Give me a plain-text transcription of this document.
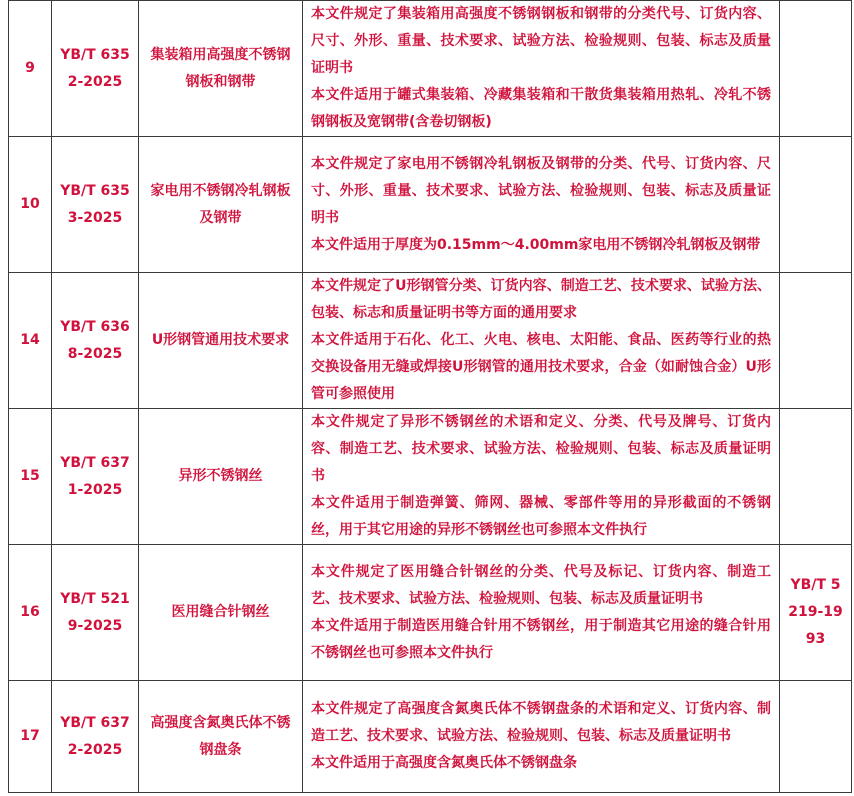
9	YB/T 6352-2025	集装箱用高强度不锈钢钢板和钢带	本文件规定了集装箱用高强度不锈钢钢板和钢带的分类代号、订货内容、尺寸、外形、重量、技术要求、试验方法、检验规则、包装、标志及质量证明书
本文件适用于罐式集装箱、冷藏集装箱和干散货集装箱用热轧、冷轧不锈钢钢板及宽钢带(含卷切钢板)	

10	YB/T 6353-2025	家电用不锈钢冷轧钢板及钢带	本文件规定了家电用不锈钢冷轧钢板及钢带的分类、代号、订货内容、尺寸、外形、重量、技术要求、试验方法、检验规则、包装、标志及质量证明书
本文件适用于厚度为0.15mm～4.00mm家电用不锈钢冷轧钢板及钢带	

14	YB/T 6368-2025	U形钢管通用技术要求	本文件规定了U形钢管分类、订货内容、制造工艺、技术要求、试验方法、包装、标志和质量证明书等方面的通用要求
本文件适用于石化、化工、火电、核电、太阳能、食品、医药等行业的热交换设备用无缝或焊接U形钢管的通用技术要求，合金（如耐蚀合金）U形管可参照使用	

15	YB/T 6371-2025	异形不锈钢丝	本文件规定了异形不锈钢丝的术语和定义、分类、代号及牌号、订货内容、制造工艺、技术要求、试验方法、检验规则、包装、标志及质量证明书
本文件适用于制造弹簧、筛网、器械、零部件等用的异形截面的不锈钢丝，用于其它用途的异形不锈钢丝也可参照本文件执行	

16	YB/T 5219-2025	医用缝合针钢丝	本文件规定了医用缝合针钢丝的分类、代号及标记、订货内容、制造工艺、技术要求、试验方法、检验规则、包装、标志及质量证明书
本文件适用于制造医用缝合针用不锈钢丝，用于制造其它用途的缝合针用不锈钢丝也可参照本文件执行	YB/T 5219-1993
17	YB/T 6372-2025	高强度含氮奥氏体不锈钢盘条	本文件规定了高强度含氮奥氏体不锈钢盘条的术语和定义、订货内容、制造工艺、技术要求、试验方法、检验规则、包装、标志及质量证明书
本文件适用于高强度含氮奥氏体不锈钢盘条	
